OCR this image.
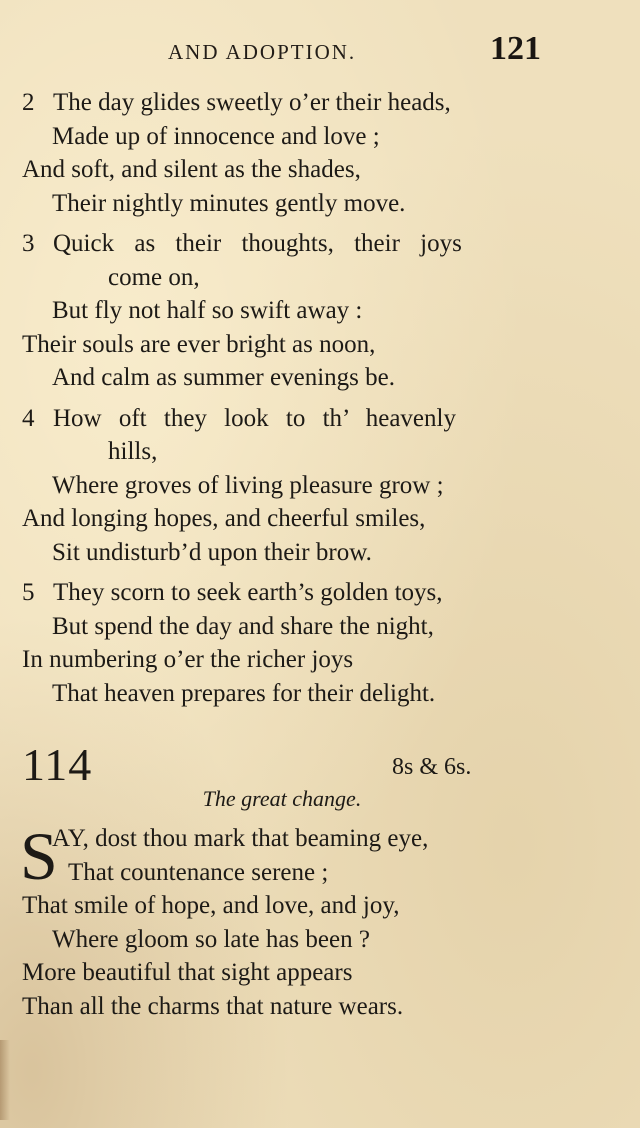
AND ADOPTION.	121
2 The day glides sweetly o’er their heads,
Made up of innocence and love ;
And soft, and silent as the shades,
Their nightly minutes gently move.
3 Quick as their thoughts, their joys
come on,
But fly not half so swift away :
Their souls are ever bright as noon,
And calm as summer evenings be.
4 How oft they look to th’ heavenly
hills,
Where groves of living pleasure grow ;
And longing hopes, and cheerful smiles,
Sit undisturb’d upon their brow.
5 They scorn to seek earth’s golden toys,
But spend the day and share the night,
In numbering o’er the richer joys
That heaven prepares for their delight.
114	8s & 6s.
The great change.
S
AY, dost thou mark that beaming eye,
That countenance serene ;
That smile of hope, and love, and joy,
Where gloom so late has been ?
More beautiful that sight appears
Than all the charms that nature wears.
